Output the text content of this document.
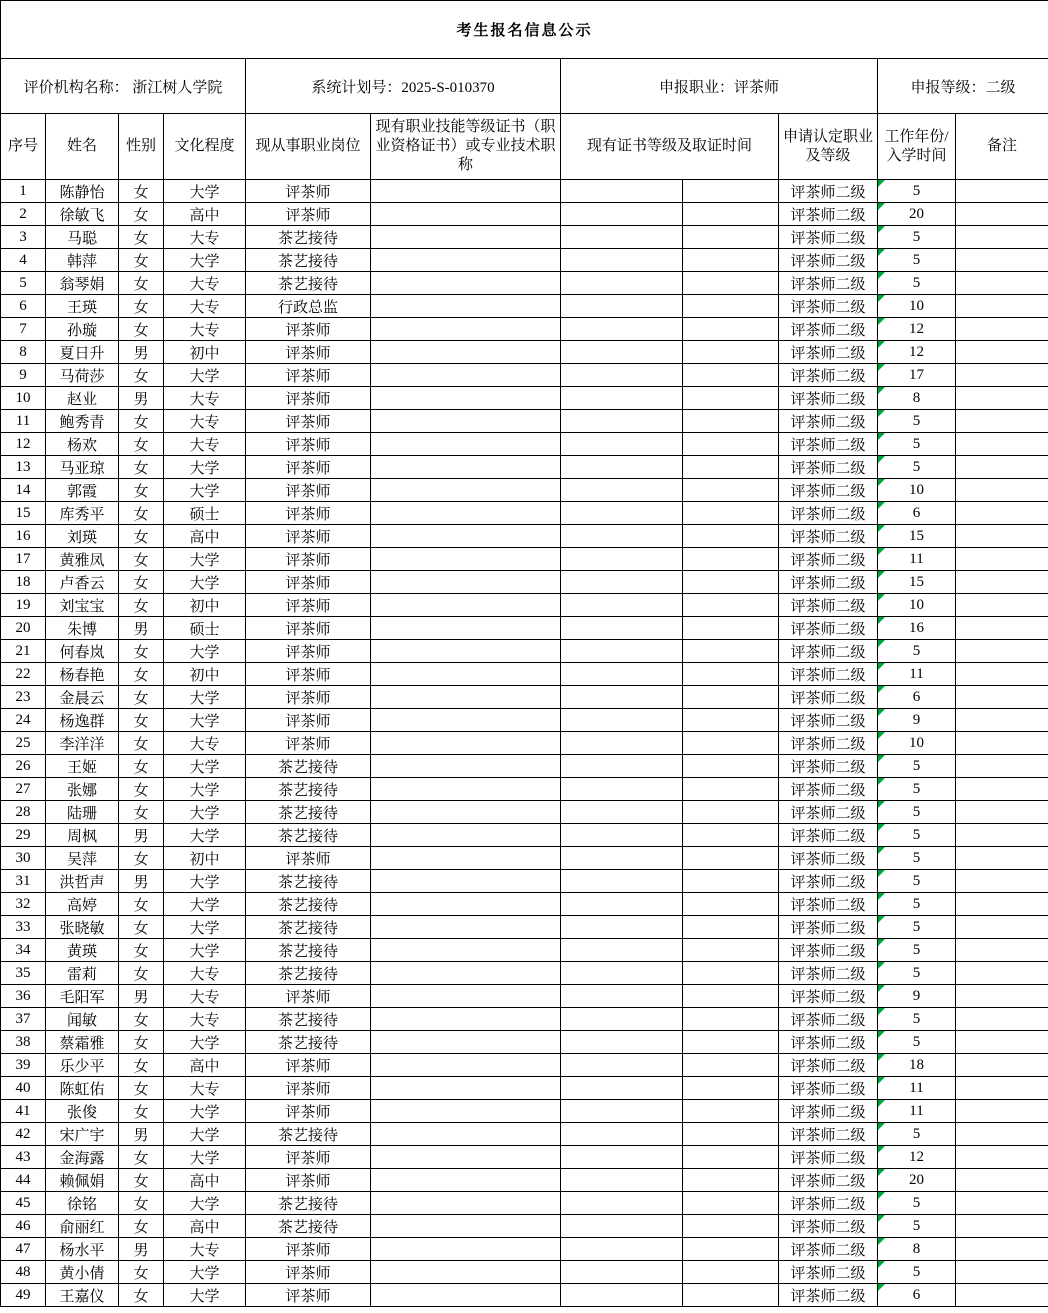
考生报名信息公示										
评价机构名称： 浙江树人学院				系统计划号：2025-S-010370		申报职业：评茶师			申报等级：二级	
序号	姓名	性别	文化程度	现从事职业岗位	现有职业技能等级证书（职业资格证书）或专业技术职称	现有证书等级及取证时间		申请认定职业及等级	工作年份/入学时间	备注
1	陈静怡	女	大学	评茶师				评茶师二级	5	
2	徐敏飞	女	高中	评茶师				评茶师二级	20	
3	马聪	女	大专	茶艺接待				评茶师二级	5	
4	韩萍	女	大学	茶艺接待				评茶师二级	5	
5	翁琴娟	女	大专	茶艺接待				评茶师二级	5	
6	王瑛	女	大专	行政总监				评茶师二级	10	
7	孙璇	女	大专	评茶师				评茶师二级	12	
8	夏日升	男	初中	评茶师				评茶师二级	12	
9	马荷莎	女	大学	评茶师				评茶师二级	17	
10	赵业	男	大专	评茶师				评茶师二级	8	
11	鲍秀青	女	大专	评茶师				评茶师二级	5	
12	杨欢	女	大专	评茶师				评茶师二级	5	
13	马亚琼	女	大学	评茶师				评茶师二级	5	
14	郭霞	女	大学	评茶师				评茶师二级	10	
15	库秀平	女	硕士	评茶师				评茶师二级	6	
16	刘瑛	女	高中	评茶师				评茶师二级	15	
17	黄雅凤	女	大学	评茶师				评茶师二级	11	
18	卢香云	女	大学	评茶师				评茶师二级	15	
19	刘宝宝	女	初中	评茶师				评茶师二级	10	
20	朱博	男	硕士	评茶师				评茶师二级	16	
21	何春岚	女	大学	评茶师				评茶师二级	5	
22	杨春艳	女	初中	评茶师				评茶师二级	11	
23	金晨云	女	大学	评茶师				评茶师二级	6	
24	杨逸群	女	大学	评茶师				评茶师二级	9	
25	李洋洋	女	大专	评茶师				评茶师二级	10	
26	王姬	女	大学	茶艺接待				评茶师二级	5	
27	张娜	女	大学	茶艺接待				评茶师二级	5	
28	陆珊	女	大学	茶艺接待				评茶师二级	5	
29	周枫	男	大学	茶艺接待				评茶师二级	5	
30	吴萍	女	初中	评茶师				评茶师二级	5	
31	洪哲声	男	大学	茶艺接待				评茶师二级	5	
32	高婷	女	大学	茶艺接待				评茶师二级	5	
33	张晓敏	女	大学	茶艺接待				评茶师二级	5	
34	黄瑛	女	大学	茶艺接待				评茶师二级	5	
35	雷莉	女	大专	茶艺接待				评茶师二级	5	
36	毛阳军	男	大专	评茶师				评茶师二级	9	
37	闻敏	女	大专	茶艺接待				评茶师二级	5	
38	蔡霜雅	女	大学	茶艺接待				评茶师二级	5	
39	乐少平	女	高中	评茶师				评茶师二级	18	
40	陈虹佑	女	大专	评茶师				评茶师二级	11	
41	张俊	女	大学	评茶师				评茶师二级	11	
42	宋广宇	男	大学	茶艺接待				评茶师二级	5	
43	金海露	女	大学	评茶师				评茶师二级	12	
44	赖佩娟	女	高中	评茶师				评茶师二级	20	
45	徐铭	女	大学	茶艺接待				评茶师二级	5	
46	俞丽红	女	高中	茶艺接待				评茶师二级	5	
47	杨水平	男	大专	评茶师				评茶师二级	8	
48	黄小倩	女	大学	评茶师				评茶师二级	5	
49	王嘉仪	女	大学	评茶师				评茶师二级	6	
